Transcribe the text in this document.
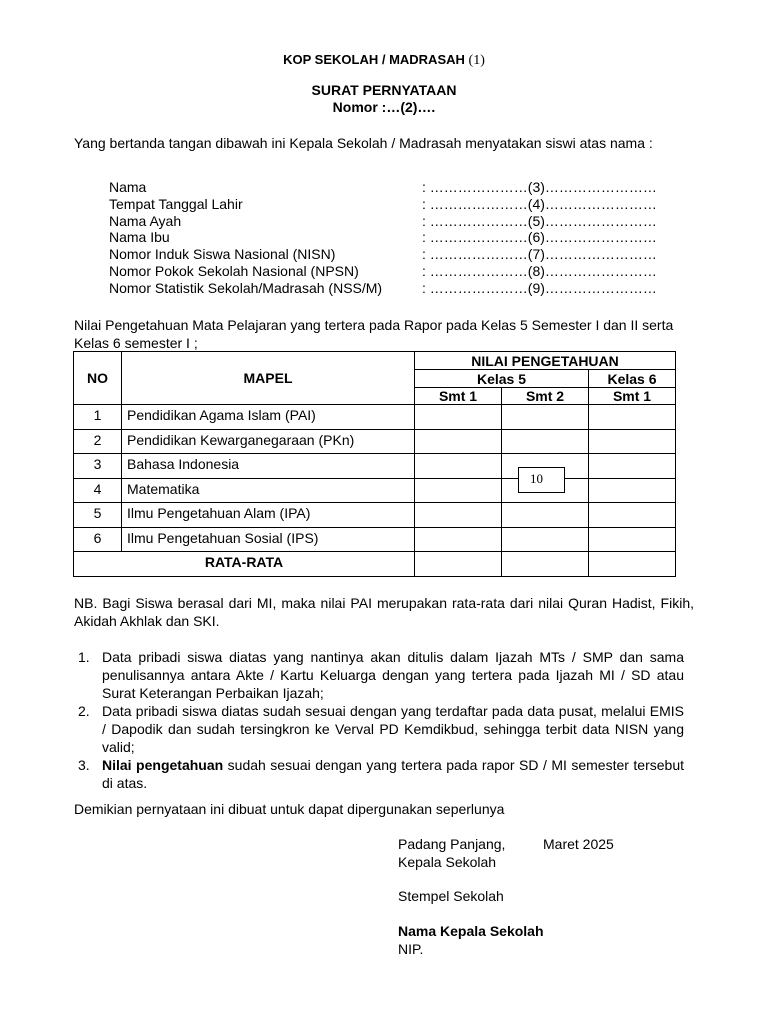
KOP SEKOLAH / MADRASAH (1)
SURAT PERNYATAAN
Nomor :…(2)….
Yang bertanda tangan dibawah ini Kepala Sekolah / Madrasah menyatakan siswi atas nama :
Nama	: …………………(3)……………………
Tempat Tanggal Lahir	: …………………(4)……………………
Nama Ayah	: …………………(5)……………………
Nama Ibu	: …………………(6)……………………
Nomor Induk Siswa Nasional (NISN)	: …………………(7)……………………
Nomor Pokok Sekolah Nasional (NPSN)	: …………………(8)……………………
Nomor Statistik Sekolah/Madrasah (NSS/M)	: …………………(9)……………………
Nilai Pengetahuan Mata Pelajaran yang tertera pada Rapor pada Kelas 5 Semester I dan II serta Kelas 6 semester I ;
NO	MAPEL	NILAI PENGETAHUAN		
		Kelas 5		Kelas 6
		Smt 1	Smt 2	Smt 1
1	Pendidikan Agama Islam (PAI)			
2	Pendidikan Kewarganegaraan (PKn)			
3	Bahasa Indonesia			
4	Matematika			
5	Ilmu Pengetahuan Alam (IPA)			
6	Ilmu Pengetahuan Sosial (IPS)			
RATA-RATA				
10
NB. Bagi Siswa berasal dari MI, maka nilai PAI merupakan rata-rata dari nilai Quran Hadist, Fikih, Akidah Akhlak dan SKI.
1. Data pribadi siswa diatas yang nantinya akan ditulis dalam Ijazah MTs / SMP dan sama penulisannya antara Akte / Kartu Keluarga dengan yang tertera pada Ijazah MI / SD atau Surat Keterangan Perbaikan Ijazah;
2. Data pribadi siswa diatas sudah sesuai dengan yang terdaftar pada data pusat, melalui EMIS / Dapodik dan sudah tersingkron ke Verval PD Kemdikbud, sehingga terbit data NISN yang valid;
3. Nilai pengetahuan sudah sesuai dengan yang tertera pada rapor SD / MI semester tersebut di atas.
Demikian pernyataan ini dibuat untuk dapat dipergunakan seperlunya
Padang Panjang,	Maret 2025
Kepala Sekolah
Stempel Sekolah
Nama Kepala Sekolah
NIP.
